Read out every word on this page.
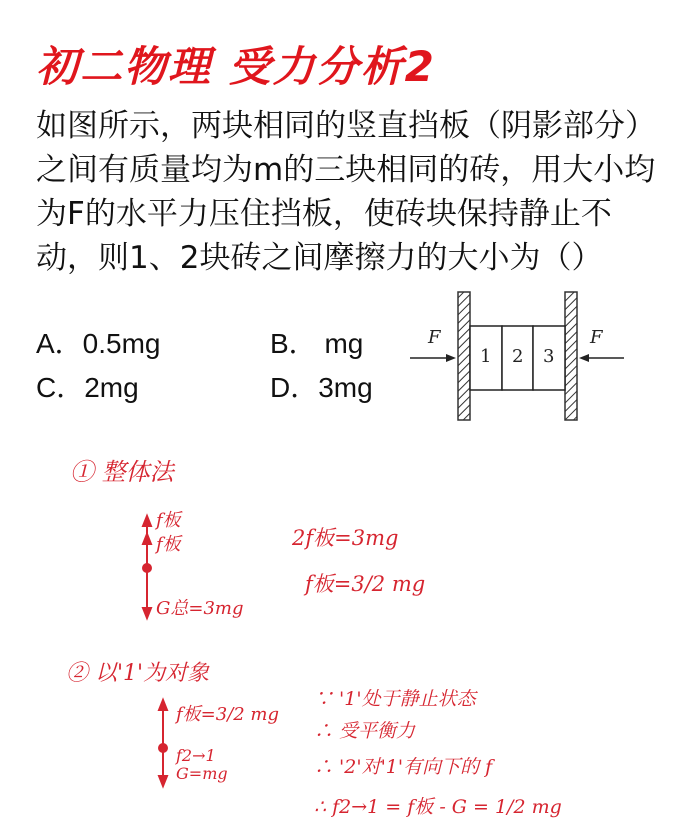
初二物理 受力分析2
如图所示，两块相同的竖直挡板（阴影部分）之间有质量均为m的三块相同的砖，用大小均为F的水平力压住挡板，使砖块保持静止不动，则1、2块砖之间摩擦力的大小为（）
A．0.5mg	B． mg
C．2mg	D．3mg
F	F
1 2 3
① 整体法
f板
f板
G总=3mg
2f板=3mg
f板=3/2 mg
② 以'1'为对象
f板=3/2 mg
f2→1
G=mg
∵ '1'处于静止状态
∴ 受平衡力
∴ '2'对'1'有向下的 f
∴ f2→1 = f板 - G = 1/2 mg
